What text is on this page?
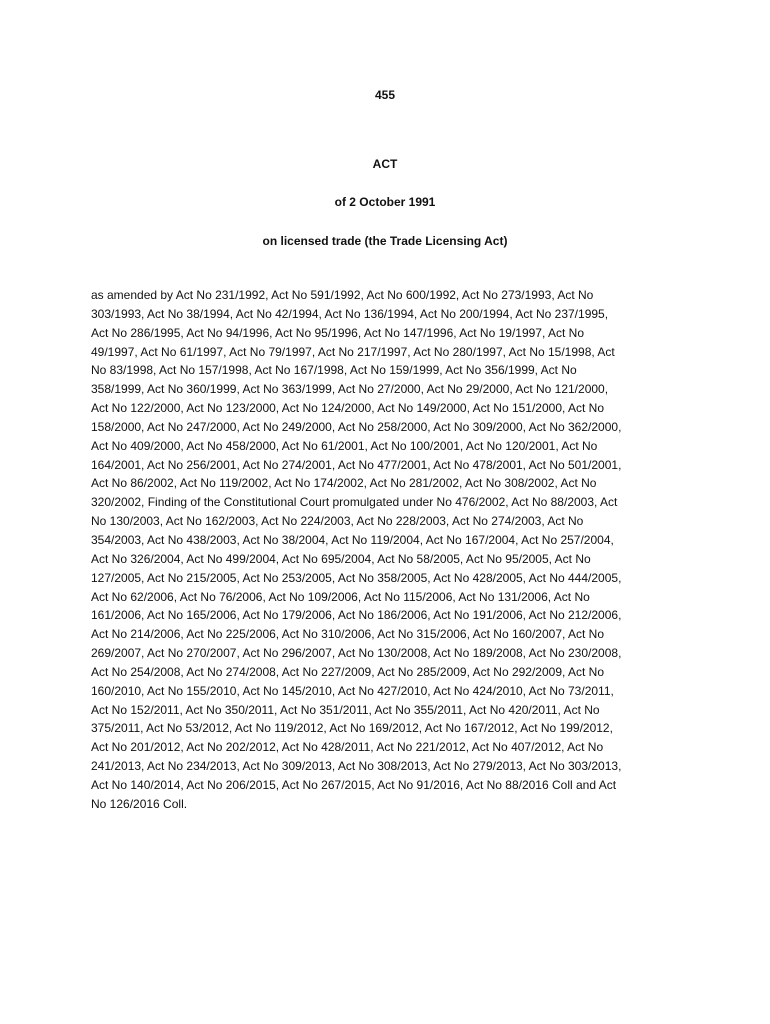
455
ACT
of 2 October 1991
on licensed trade (the Trade Licensing Act)

as amended by Act No 231/1992, Act No 591/1992, Act No 600/1992, Act No 273/1993, Act No
303/1993, Act No 38/1994, Act No 42/1994, Act No 136/1994, Act No 200/1994, Act No 237/1995,
Act No 286/1995, Act No 94/1996, Act No 95/1996, Act No 147/1996, Act No 19/1997, Act No
49/1997, Act No 61/1997, Act No 79/1997, Act No 217/1997, Act No 280/1997, Act No 15/1998, Act
No 83/1998, Act No 157/1998, Act No 167/1998, Act No 159/1999, Act No 356/1999, Act No
358/1999, Act No 360/1999, Act No 363/1999, Act No 27/2000, Act No 29/2000, Act No 121/2000,
Act No 122/2000, Act No 123/2000, Act No 124/2000, Act No 149/2000, Act No 151/2000, Act No
158/2000, Act No 247/2000, Act No 249/2000, Act No 258/2000, Act No 309/2000, Act No 362/2000,
Act No 409/2000, Act No 458/2000, Act No 61/2001, Act No 100/2001, Act No 120/2001, Act No
164/2001, Act No 256/2001, Act No 274/2001, Act No 477/2001, Act No 478/2001, Act No 501/2001,
Act No 86/2002, Act No 119/2002, Act No 174/2002, Act No 281/2002, Act No 308/2002, Act No
320/2002, Finding of the Constitutional Court promulgated under No 476/2002, Act No 88/2003, Act
No 130/2003, Act No 162/2003, Act No 224/2003, Act No 228/2003, Act No 274/2003, Act No
354/2003, Act No 438/2003, Act No 38/2004, Act No 119/2004, Act No 167/2004, Act No 257/2004,
Act No 326/2004, Act No 499/2004, Act No 695/2004, Act No 58/2005, Act No 95/2005, Act No
127/2005, Act No 215/2005, Act No 253/2005, Act No 358/2005, Act No 428/2005, Act No 444/2005,
Act No 62/2006, Act No 76/2006, Act No 109/2006, Act No 115/2006, Act No 131/2006, Act No
161/2006, Act No 165/2006, Act No 179/2006, Act No 186/2006, Act No 191/2006, Act No 212/2006,
Act No 214/2006, Act No 225/2006, Act No 310/2006, Act No 315/2006, Act No 160/2007, Act No
269/2007, Act No 270/2007, Act No 296/2007, Act No 130/2008, Act No 189/2008, Act No 230/2008,
Act No 254/2008, Act No 274/2008, Act No 227/2009, Act No 285/2009, Act No 292/2009, Act No
160/2010, Act No 155/2010, Act No 145/2010, Act No 427/2010, Act No 424/2010, Act No 73/2011,
Act No 152/2011, Act No 350/2011, Act No 351/2011, Act No 355/2011, Act No 420/2011, Act No
375/2011, Act No 53/2012, Act No 119/2012, Act No 169/2012, Act No 167/2012, Act No 199/2012,
Act No 201/2012, Act No 202/2012, Act No 428/2011, Act No 221/2012, Act No 407/2012, Act No
241/2013, Act No 234/2013, Act No 309/2013, Act No 308/2013, Act No 279/2013, Act No 303/2013,
Act No 140/2014, Act No 206/2015, Act No 267/2015, Act No 91/2016, Act No 88/2016 Coll and Act
No 126/2016 Coll.
